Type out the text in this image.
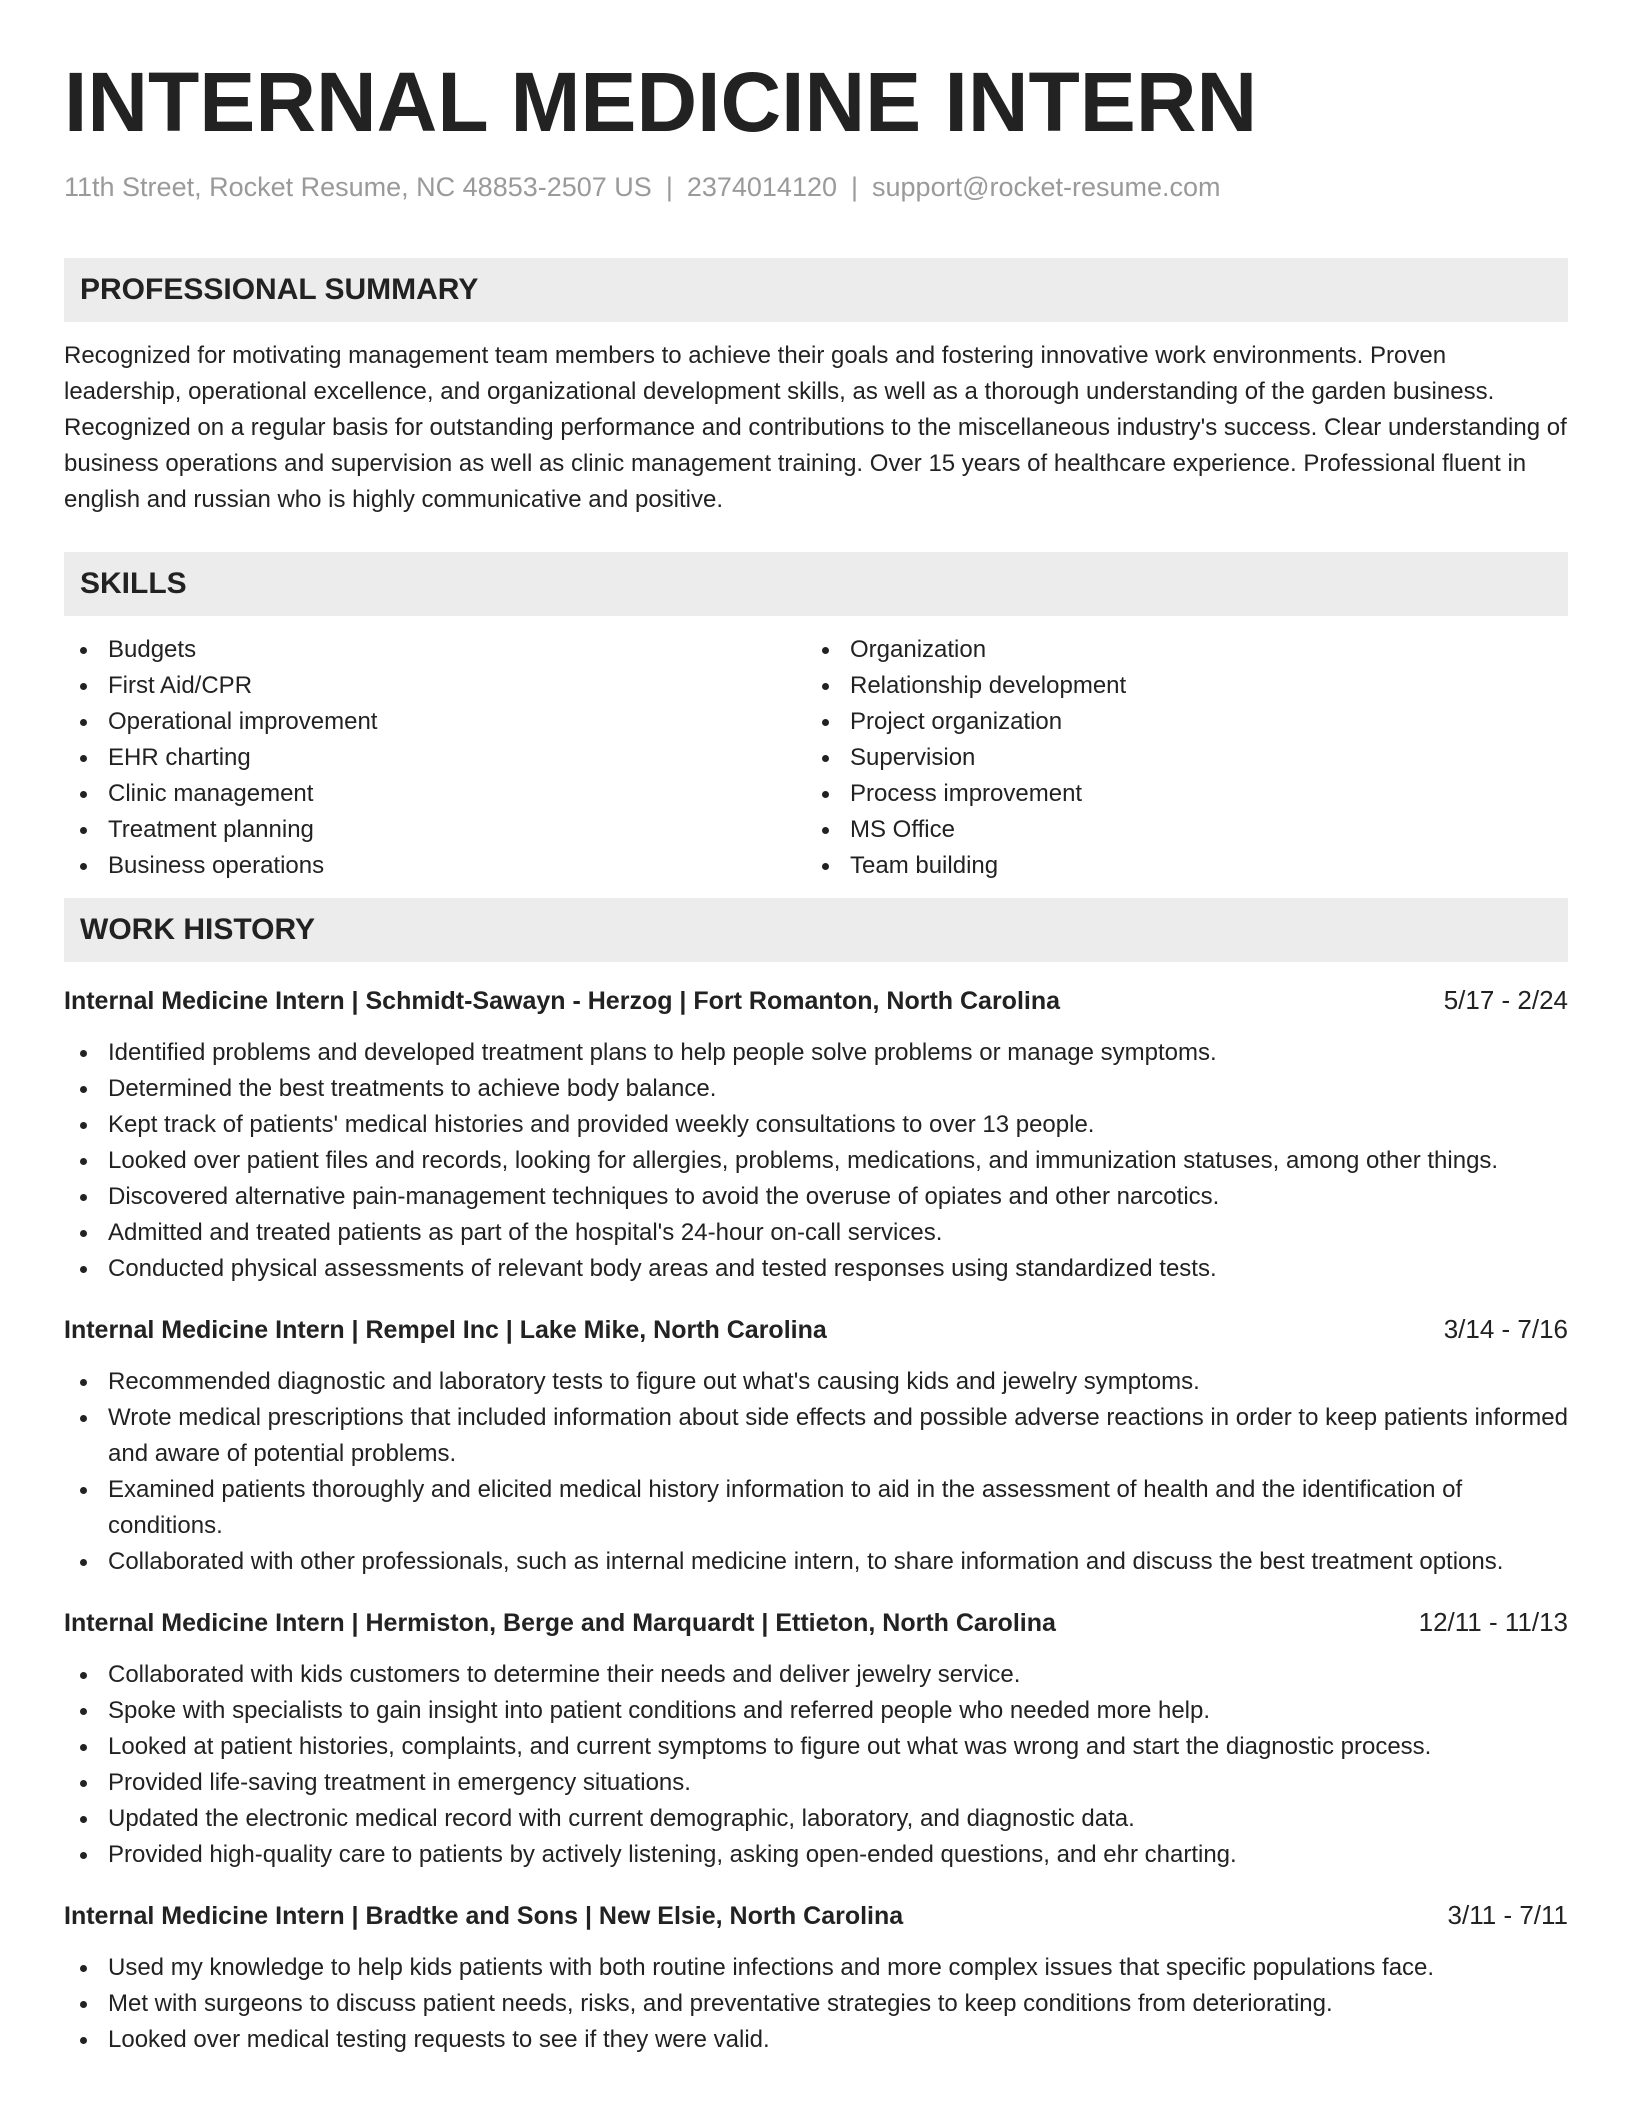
INTERNAL MEDICINE INTERN
11th Street, Rocket Resume, NC 48853-2507 US | 2374014120 | support@rocket-resume.com
PROFESSIONAL SUMMARY
Recognized for motivating management team members to achieve their goals and fostering innovative work environments. Proven leadership, operational excellence, and organizational development skills, as well as a thorough understanding of the garden business. Recognized on a regular basis for outstanding performance and contributions to the miscellaneous industry's success. Clear understanding of business operations and supervision as well as clinic management training. Over 15 years of healthcare experience. Professional fluent in english and russian who is highly communicative and positive.
SKILLS
Budgets
First Aid/CPR
Operational improvement
EHR charting
Clinic management
Treatment planning
Business operations
Organization
Relationship development
Project organization
Supervision
Process improvement
MS Office
Team building
WORK HISTORY
Internal Medicine Intern | Schmidt-Sawayn - Herzog | Fort Romanton, North Carolina	5/17 - 2/24
Identified problems and developed treatment plans to help people solve problems or manage symptoms.
Determined the best treatments to achieve body balance.
Kept track of patients' medical histories and provided weekly consultations to over 13 people.
Looked over patient files and records, looking for allergies, problems, medications, and immunization statuses, among other things.
Discovered alternative pain-management techniques to avoid the overuse of opiates and other narcotics.
Admitted and treated patients as part of the hospital's 24-hour on-call services.
Conducted physical assessments of relevant body areas and tested responses using standardized tests.
Internal Medicine Intern | Rempel Inc | Lake Mike, North Carolina	3/14 - 7/16
Recommended diagnostic and laboratory tests to figure out what's causing kids and jewelry symptoms.
Wrote medical prescriptions that included information about side effects and possible adverse reactions in order to keep patients informed and aware of potential problems.
Examined patients thoroughly and elicited medical history information to aid in the assessment of health and the identification of conditions.
Collaborated with other professionals, such as internal medicine intern, to share information and discuss the best treatment options.
Internal Medicine Intern | Hermiston, Berge and Marquardt | Ettieton, North Carolina	12/11 - 11/13
Collaborated with kids customers to determine their needs and deliver jewelry service.
Spoke with specialists to gain insight into patient conditions and referred people who needed more help.
Looked at patient histories, complaints, and current symptoms to figure out what was wrong and start the diagnostic process.
Provided life-saving treatment in emergency situations.
Updated the electronic medical record with current demographic, laboratory, and diagnostic data.
Provided high-quality care to patients by actively listening, asking open-ended questions, and ehr charting.
Internal Medicine Intern | Bradtke and Sons | New Elsie, North Carolina	3/11 - 7/11
Used my knowledge to help kids patients with both routine infections and more complex issues that specific populations face.
Met with surgeons to discuss patient needs, risks, and preventative strategies to keep conditions from deteriorating.
Looked over medical testing requests to see if they were valid.
